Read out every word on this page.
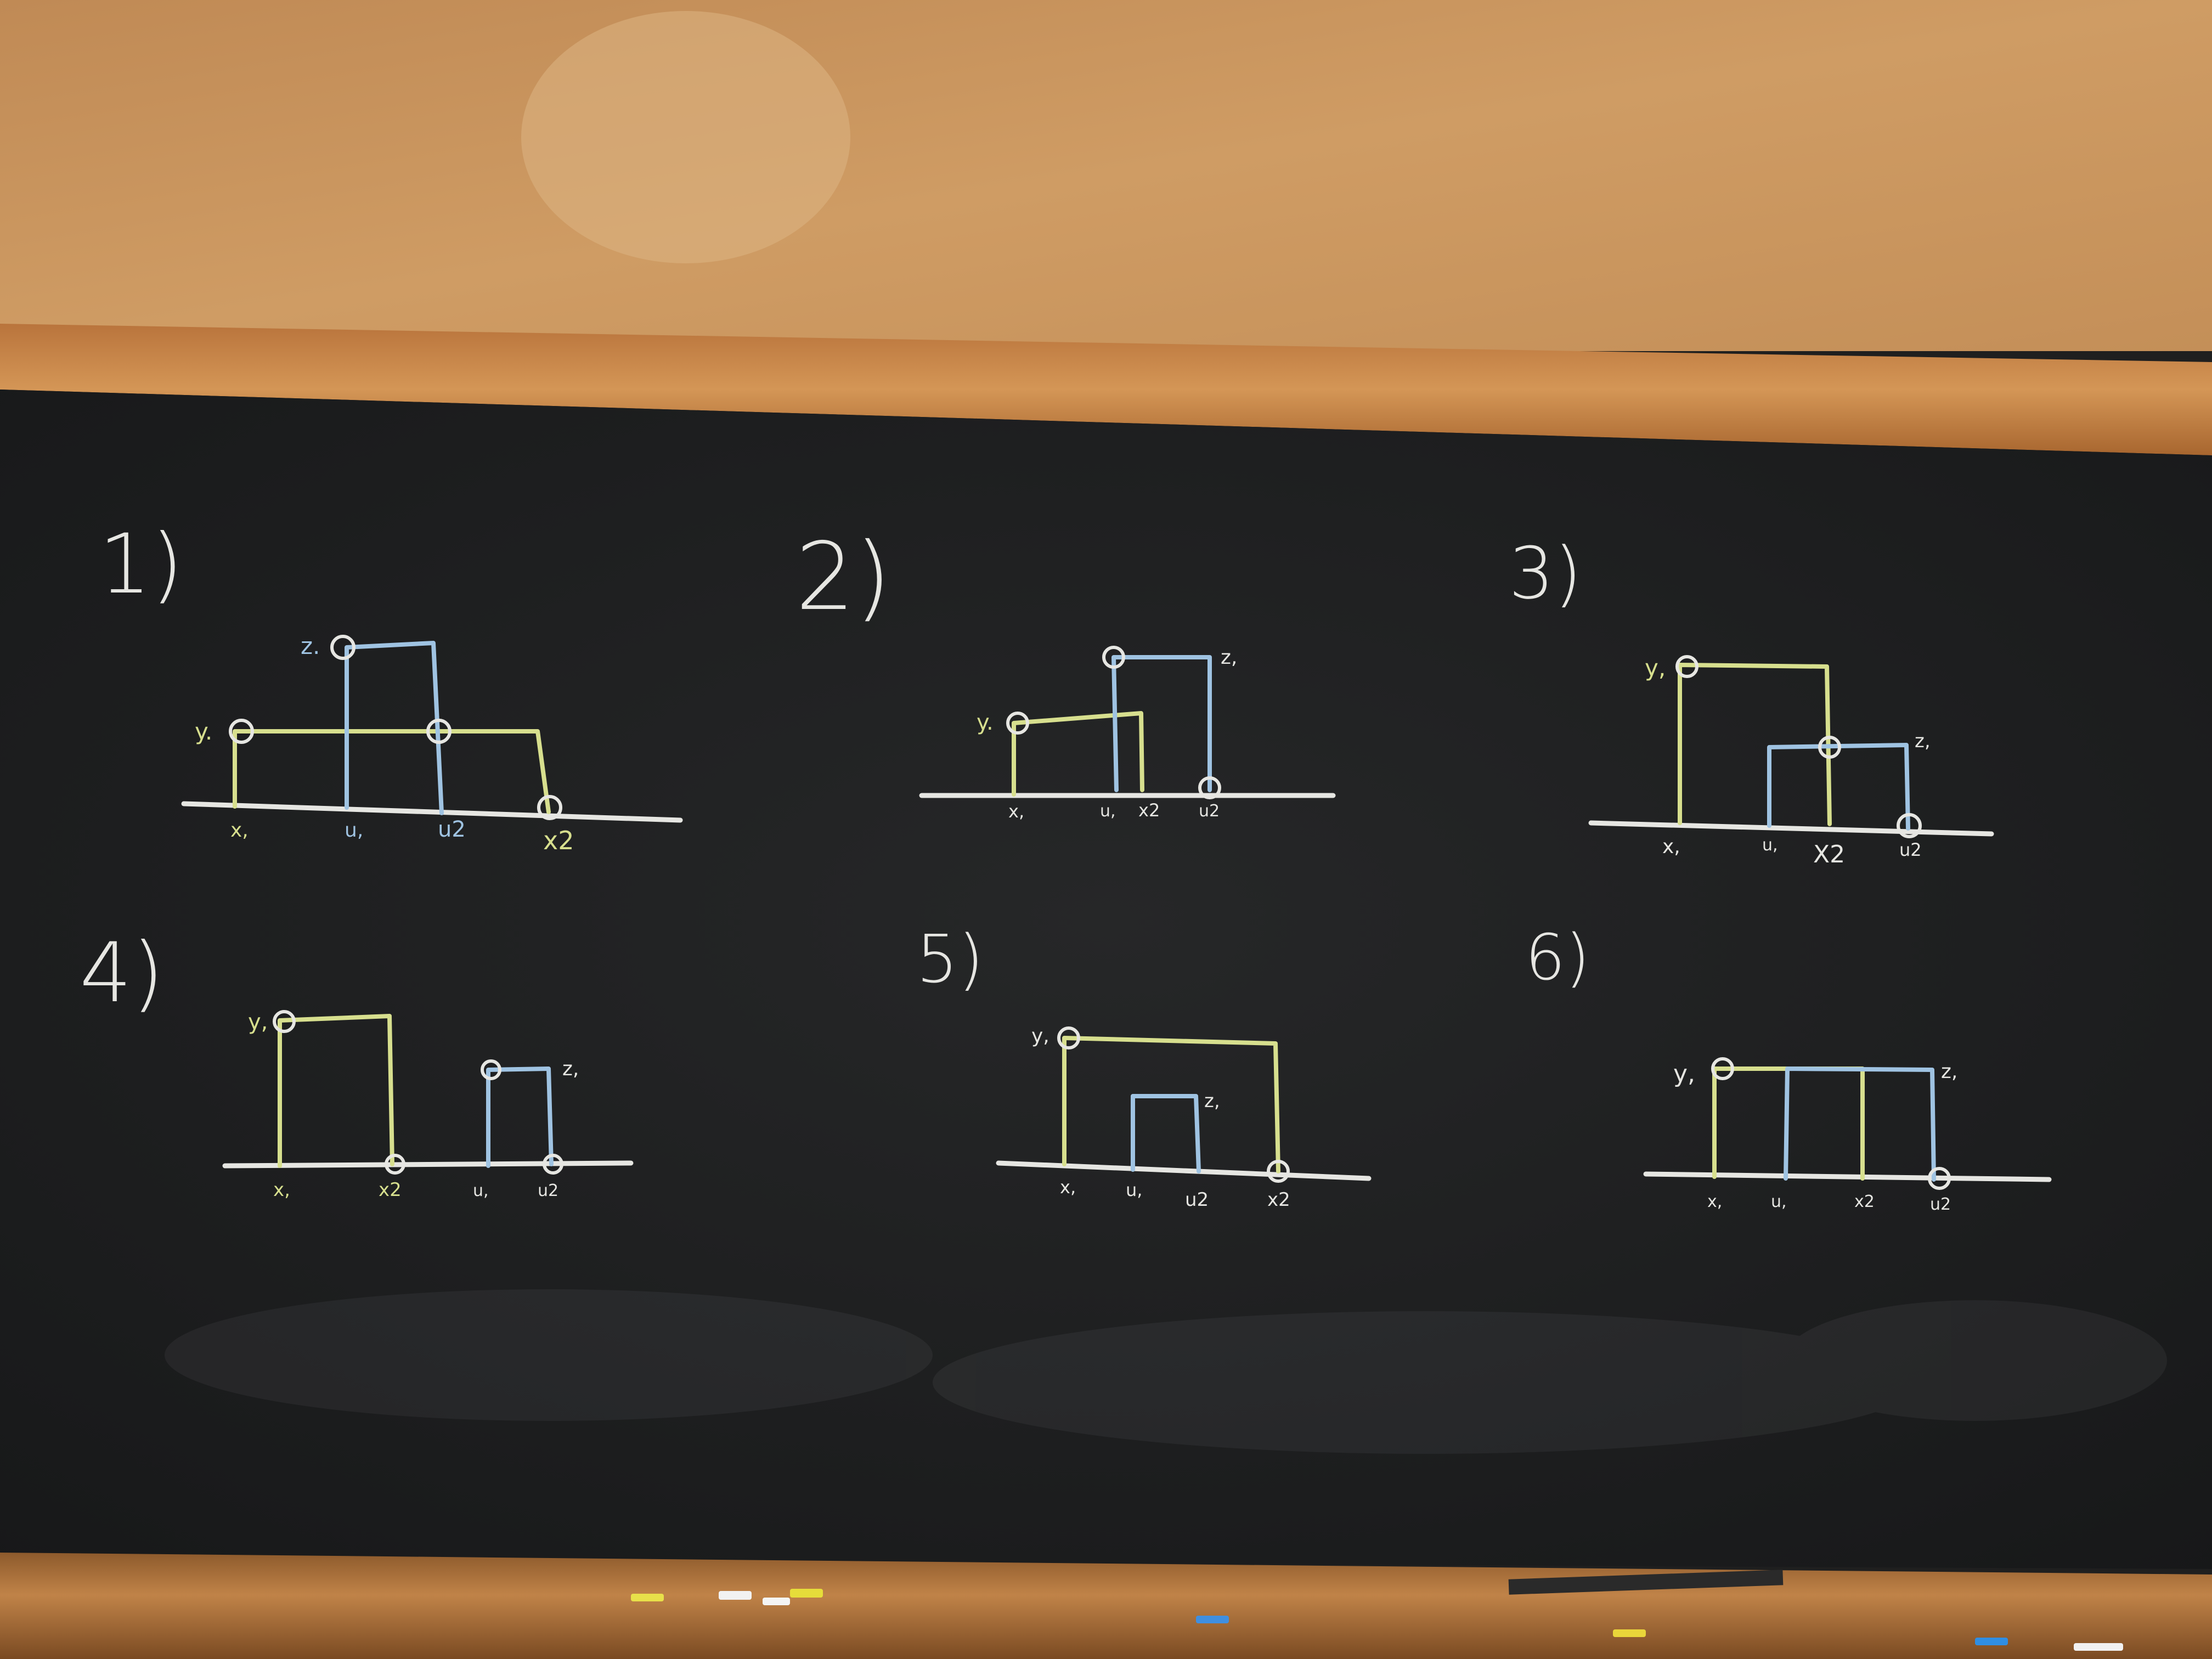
1)
y.
z.
x,	u,	u2	x2
2)
y.
z,
x,	u, x2 u2
3)
y,
z,
x,	u, X2	u2
4)
y,
z,
x,	x2	u,	u2
5)
y,
z,
x,	u, u2	x2
6)
y,	z,
x,	u,	x2	u2
